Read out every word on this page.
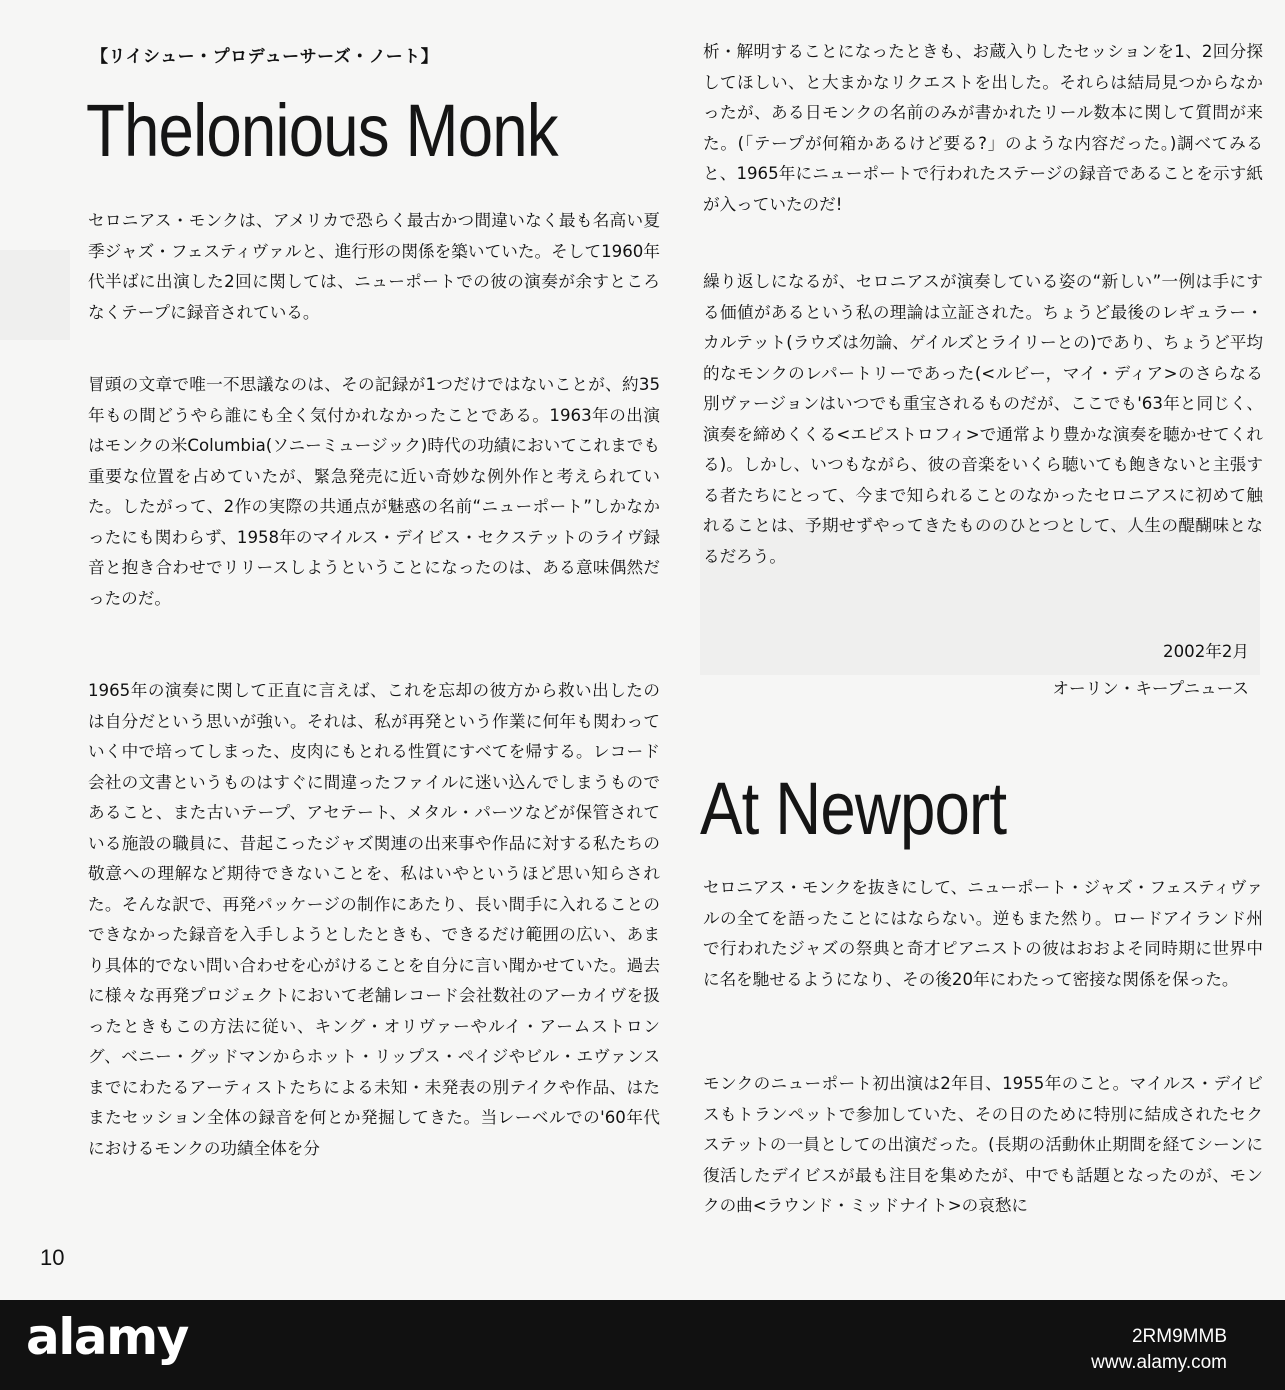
【リイシュー・プロデューサーズ・ノート】
Thelonious Monk
セロニアス・モンクは、アメリカで恐らく最古かつ間違いなく最も名高い夏季ジャズ・フェスティヴァルと、進行形の関係を築いていた。そして1960年代半ばに出演した2回に関しては、ニューポートでの彼の演奏が余すところなくテープに録音されている。
冒頭の文章で唯一不思議なのは、その記録が1つだけではないことが、約35年もの間どうやら誰にも全く気付かれなかったことである。1963年の出演はモンクの米Columbia(ソニーミュージック)時代の功績においてこれまでも重要な位置を占めていたが、緊急発売に近い奇妙な例外作と考えられていた。したがって、2作の実際の共通点が魅惑の名前“ニューポート”しかなかったにも関わらず、1958年のマイルス・デイビス・セクステットのライヴ録音と抱き合わせでリリースしようということになったのは、ある意味偶然だったのだ。
1965年の演奏に関して正直に言えば、これを忘却の彼方から救い出したのは自分だという思いが強い。それは、私が再発という作業に何年も関わっていく中で培ってしまった、皮肉にもとれる性質にすべてを帰する。レコード会社の文書というものはすぐに間違ったファイルに迷い込んでしまうものであること、また古いテープ、アセテート、メタル・パーツなどが保管されている施設の職員に、昔起こったジャズ関連の出来事や作品に対する私たちの敬意への理解など期待できないことを、私はいやというほど思い知らされた。そんな訳で、再発パッケージの制作にあたり、長い間手に入れることのできなかった録音を入手しようとしたときも、できるだけ範囲の広い、あまり具体的でない問い合わせを心がけることを自分に言い聞かせていた。過去に様々な再発プロジェクトにおいて老舗レコード会社数社のアーカイヴを扱ったときもこの方法に従い、キング・オリヴァーやルイ・アームストロング、ベニー・グッドマンからホット・リップス・ペイジやビル・エヴァンスまでにわたるアーティストたちによる未知・未発表の別テイクや作品、はたまたセッション全体の録音を何とか発掘してきた。当レーベルでの'60年代におけるモンクの功績全体を分
析・解明することになったときも、お蔵入りしたセッションを1、2回分探してほしい、と大まかなリクエストを出した。それらは結局見つからなかったが、ある日モンクの名前のみが書かれたリール数本に関して質問が来た。(「テープが何箱かあるけど要る?」のような内容だった。)調べてみると、1965年にニューポートで行われたステージの録音であることを示す紙が入っていたのだ!
繰り返しになるが、セロニアスが演奏している姿の“新しい”一例は手にする価値があるという私の理論は立証された。ちょうど最後のレギュラー・カルテット(ラウズは勿論、ゲイルズとライリーとの)であり、ちょうど平均的なモンクのレパートリーであった(<ルビー，マイ・ディア>のさらなる別ヴァージョンはいつでも重宝されるものだが、ここでも'63年と同じく、演奏を締めくくる<エピストロフィ>で通常より豊かな演奏を聴かせてくれる)。しかし、いつもながら、彼の音楽をいくら聴いても飽きないと主張する者たちにとって、今まで知られることのなかったセロニアスに初めて触れることは、予期せずやってきたもののひとつとして、人生の醍醐味となるだろう。
2002年2月
オーリン・キープニュース
At Newport
セロニアス・モンクを抜きにして、ニューポート・ジャズ・フェスティヴァルの全てを語ったことにはならない。逆もまた然り。ロードアイランド州で行われたジャズの祭典と奇才ピアニストの彼はおおよそ同時期に世界中に名を馳せるようになり、その後20年にわたって密接な関係を保った。
モンクのニューポート初出演は2年目、1955年のこと。マイルス・デイビスもトランペットで参加していた、その日のために特別に結成されたセクステットの一員としての出演だった。(長期の活動休止期間を経てシーンに復活したデイビスが最も注目を集めたが、中でも話題となったのが、モンクの曲<ラウンド・ミッドナイト>の哀愁に
10
alamy	2RM9MMB
www.alamy.com
